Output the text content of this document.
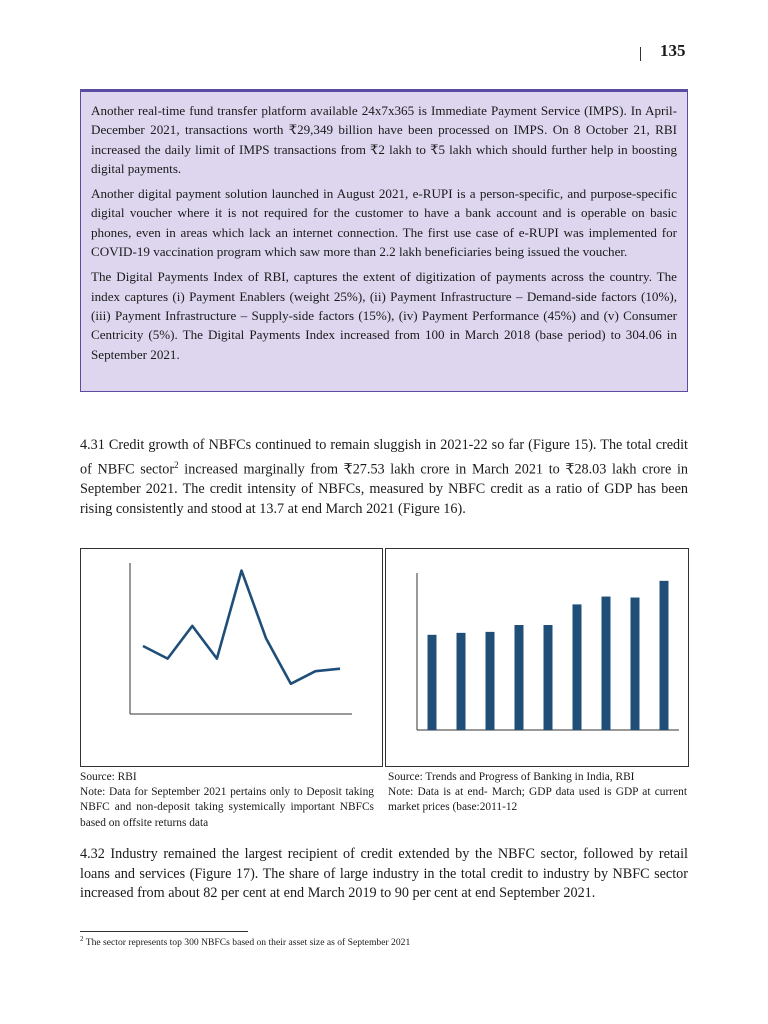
135

Another real-time fund transfer platform available 24x7x365 is Immediate Payment Service (IMPS). In April-December 2021, transactions worth ₹29,349 billion have been processed on IMPS. On 8 October 21, RBI increased the daily limit of IMPS transactions from ₹2 lakh to ₹5 lakh which should further help in boosting digital payments.

Another digital payment solution launched in August 2021, e-RUPI is a person-specific, and purpose-specific digital voucher where it is not required for the customer to have a bank account and is operable on basic phones, even in areas which lack an internet connection. The first use case of e-RUPI was implemented for COVID-19 vaccination program which saw more than 2.2 lakh beneficiaries being issued the voucher.

The Digital Payments Index of RBI, captures the extent of digitization of payments across the country. The index captures (i) Payment Enablers (weight 25%), (ii) Payment Infrastructure – Demand-side factors (10%), (iii) Payment Infrastructure – Supply-side factors (15%), (iv) Payment Performance (45%) and (v) Consumer Centricity (5%). The Digital Payments Index increased from 100 in March 2018 (base period) to 304.06 in September 2021.

4.31 Credit growth of NBFCs continued to remain sluggish in 2021-22 so far (Figure 15). The total credit of NBFC sector$^2$ increased marginally from ₹27.53 lakh crore in March 2021 to ₹28.03 lakh crore in September 2021. The credit intensity of NBFCs, measured by NBFC credit as a ratio of GDP has been rising consistently and stood at 13.7 at end March 2021 (Figure 16).

Source: RBI
Note: Data for September 2021 pertains only to Deposit taking NBFC and non-deposit taking systemically important NBFCs based on offsite returns data
Source: Trends and Progress of Banking in India, RBI
Note: Data is at end- March; GDP data used is GDP at current market prices (base:2011-12

4.32 Industry remained the largest recipient of credit extended by the NBFC sector, followed by retail loans and services (Figure 17). The share of large industry in the total credit to industry by NBFC sector increased from about 82 per cent at end March 2019 to 90 per cent at end September 2021.

$^2$ The sector represents top 300 NBFCs based on their asset size as of September 2021
